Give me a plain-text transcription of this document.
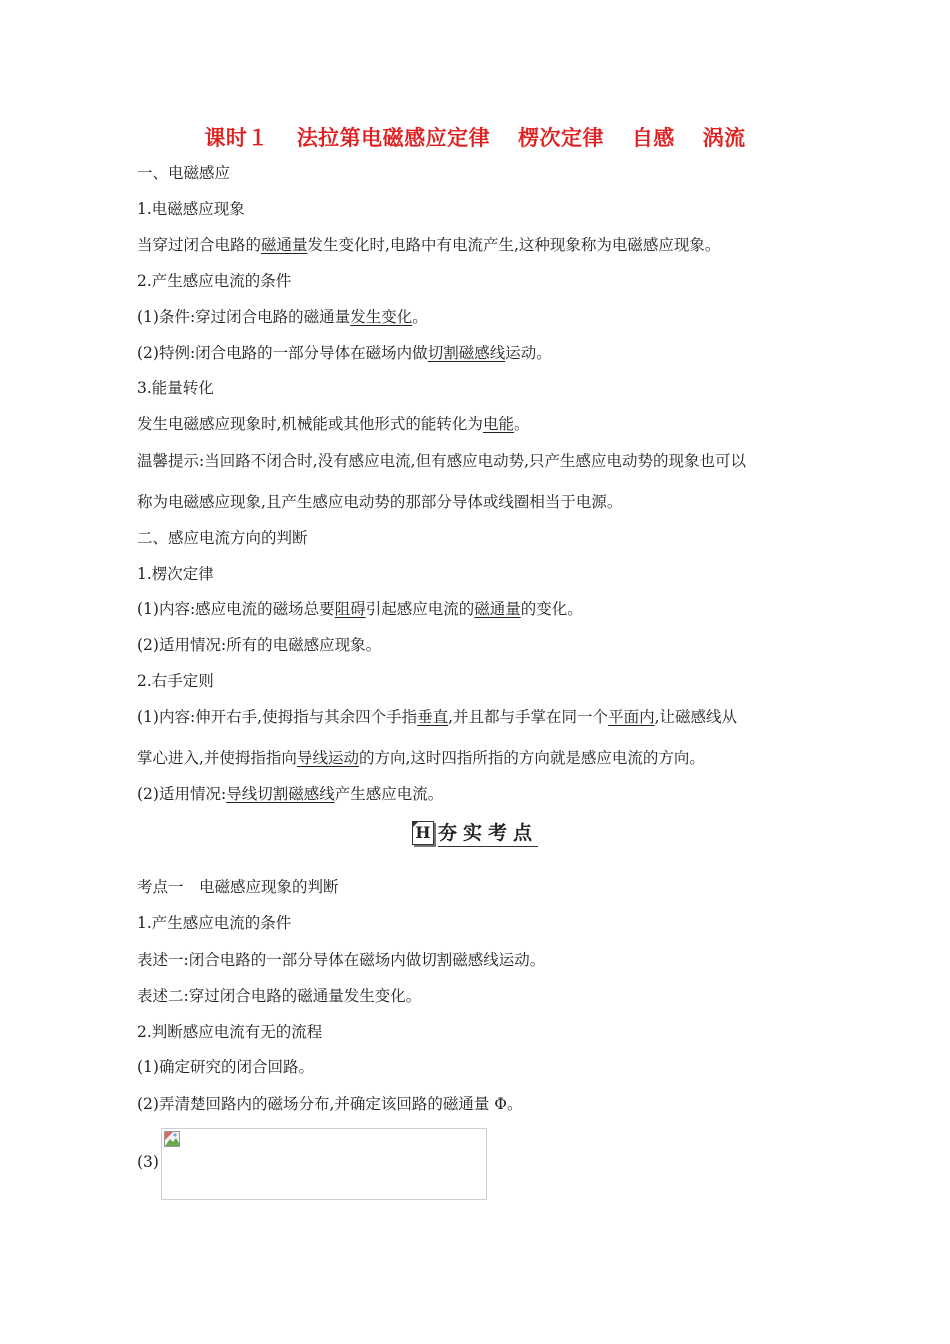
课时１ 法拉第电磁感应定律 楞次定律 自感 涡流
一、电磁感应
1.电磁感应现象
当穿过闭合电路的磁通量发生变化时,电路中有电流产生,这种现象称为电磁感应现象。
2.产生感应电流的条件
(1)条件:穿过闭合电路的磁通量发生变化。
(2)特例:闭合电路的一部分导体在磁场内做切割磁感线运动。
3.能量转化
发生电磁感应现象时,机械能或其他形式的能转化为电能。
温馨提示:当回路不闭合时,没有感应电流,但有感应电动势,只产生感应电动势的现象也可以
称为电磁感应现象,且产生感应电动势的那部分导体或线圈相当于电源。
二、感应电流方向的判断
1.楞次定律
(1)内容:感应电流的磁场总要阻碍引起感应电流的磁通量的变化。
(2)适用情况:所有的电磁感应现象。
2.右手定则
(1)内容:伸开右手,使拇指与其余四个手指垂直,并且都与手掌在同一个平面内,让磁感线从
掌心进入,并使拇指指向导线运动的方向,这时四指所指的方向就是感应电流的方向。
(2)适用情况:导线切割磁感线产生感应电流。
H 夯实考点
考点一　电磁感应现象的判断
1.产生感应电流的条件
表述一:闭合电路的一部分导体在磁场内做切割磁感线运动。
表述二:穿过闭合电路的磁通量发生变化。
2.判断感应电流有无的流程
(1)确定研究的闭合回路。
(2)弄清楚回路内的磁场分布,并确定该回路的磁通量 Φ。
(3)
